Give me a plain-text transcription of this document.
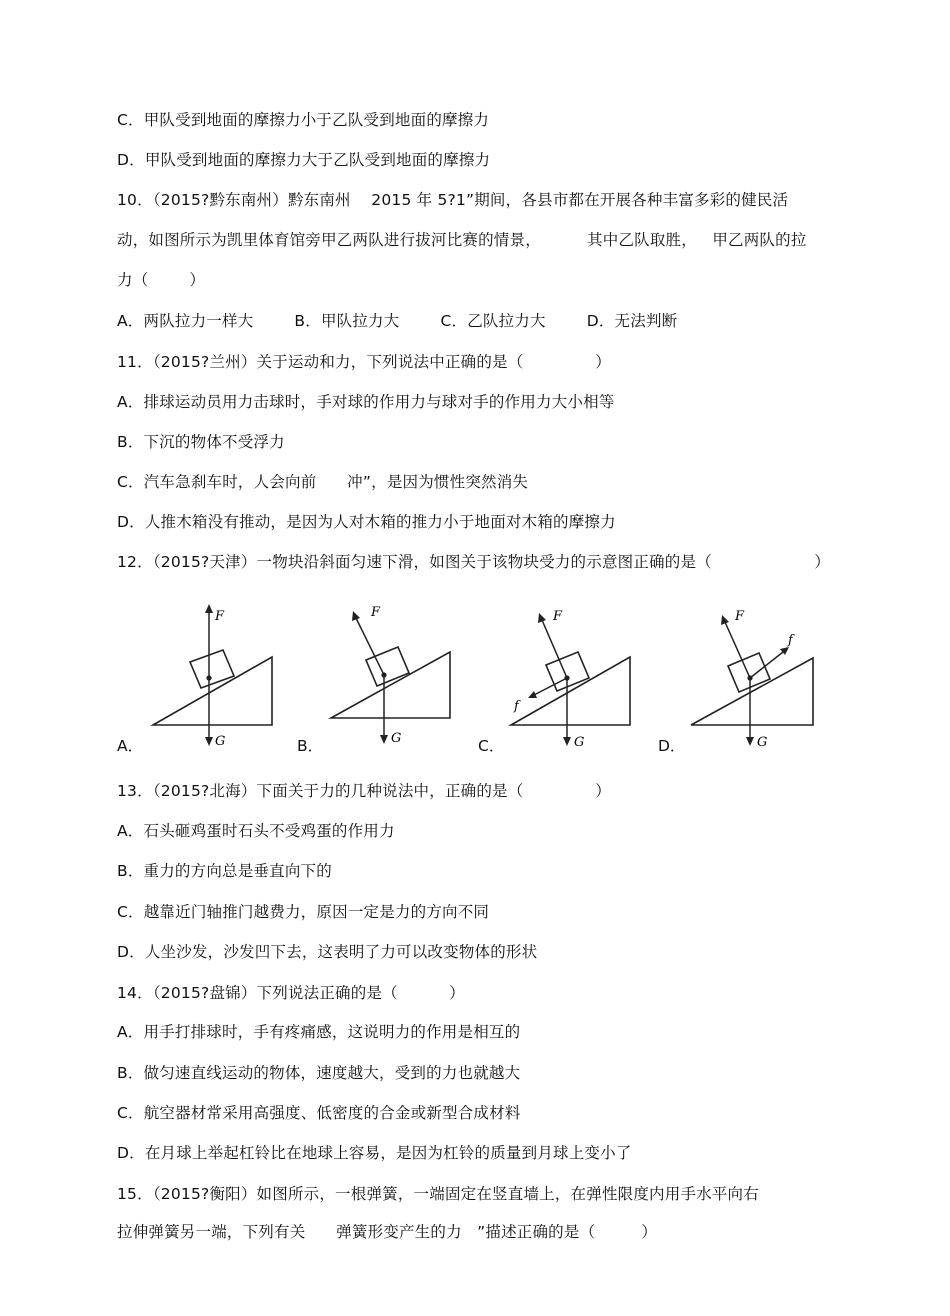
C．甲队受到地面的摩擦力小于乙队受到地面的摩擦力
D．甲队受到地面的摩擦力大于乙队受到地面的摩擦力
10．（2015?黔东南州）黔东南州    2015 年 5?1”期间，各县市都在开展各种丰富多彩的健民活
动，如图所示为凯里体育馆旁甲乙两队进行拔河比赛的情景，         其中乙队取胜，   甲乙两队的拉
力（        ）
A．两队拉力一样大        B．甲队拉力大        C．乙队拉力大        D．无法判断
11．（2015?兰州）关于运动和力，下列说法中正确的是（              ）
A．排球运动员用力击球时，手对球的作用力与球对手的作用力大小相等
B．下沉的物体不受浮力
C．汽车急刹车时，人会向前      冲”，是因为惯性突然消失
D．人推木箱没有推动，是因为人对木箱的推力小于地面对木箱的摩擦力
12．（2015?天津）一物块沿斜面匀速下滑，如图关于该物块受力的示意图正确的是（                    ）
A．
F
G	B．
F
G	C．
F
f
G	D．
F
f
G
13．（2015?北海）下面关于力的几种说法中，正确的是（              ）
A．石头砸鸡蛋时石头不受鸡蛋的作用力
B．重力的方向总是垂直向下的
C．越靠近门轴推门越费力，原因一定是力的方向不同
D．人坐沙发，沙发凹下去，这表明了力可以改变物体的形状
14．（2015?盘锦）下列说法正确的是（          ）
A．用手打排球时，手有疼痛感，这说明力的作用是相互的
B．做匀速直线运动的物体，速度越大，受到的力也就越大
C．航空器材常采用高强度、低密度的合金或新型合成材料
D．在月球上举起杠铃比在地球上容易，是因为杠铃的质量到月球上变小了
15．（2015?衡阳）如图所示，一根弹簧，一端固定在竖直墙上，在弹性限度内用手水平向右
拉伸弹簧另一端，下列有关      弹簧形变产生的力   ”描述正确的是（         ）
